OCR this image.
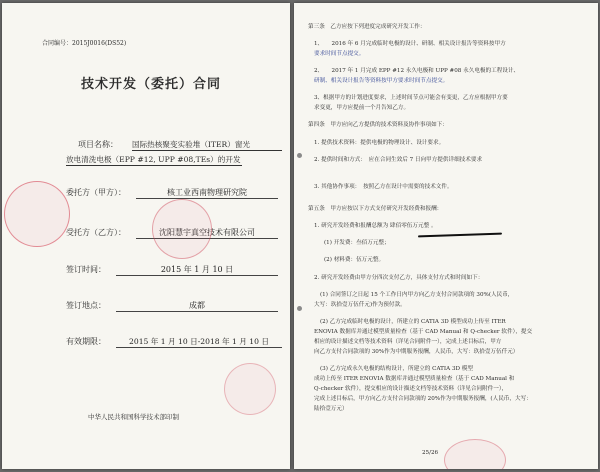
合同编号：2015J0016(DS52)
技术开发（委托）合同
项目名称： 国际热核聚变实验堆（ITER）窗光
放电清洗电极（EPP #12, UPP #08,TEs）的开发
委托方（甲方）：	核工业西南物理研究院
受托方（乙方）：	沈阳慧宇真空技术有限公司
签订时间：	2015 年 1 月 10 日
签订地点：	成都
有效期限：	2015 年 1 月 10 日-2018 年 1 月 10 日
中华人民共和国科学技术部印制
第三条　乙方应按下列进度完成研究开发工作：
1、　　2016 年 6 月完成临时电极的设计、研制、相关设计报告等资料按甲方
要求时间节点提交。
2、　　2017 年 1 月完成 EPP #12 永久电极和 UPP #08 永久电极的工程设计、
研制、相关设计报告等资料按甲方要求时间节点提交。
3、根据甲方的计划进度要求，上述时间节点可能会有变更，乙方应根据甲方要
求变更，甲方应提前一个月告知乙方。
第四条　甲方应向乙方提供的技术资料及协作事项如下：
1. 提供技术资料：提供电极的物理设计、设计要求。
2. 提供时间和方式：　应在合同生效后 7 日向甲方提供详细技术要求
3. 其他协作事项：　按照乙方在设计中需要的技术文件。
第五条　甲方应按以下方式支付研究开发经费和报酬：
1. 研究开发经费和报酬总额为 肆佰零伍万元整 。
(1) 开发费：叁佰万元整；
(2) 材料费：伍万元整。
2. 研究开发经费由甲方分四次支付乙方，具体支付方式和时间如下：
(1) 合同签订之日起 15 个工作日内甲方向乙方支付合同款项的 30%(人民币，
大写：玖拾壹万伍仟元)作为预付款。
(2) 乙方完成临时电极的设计，所建立的 CATIA 3D 模型成功上传至 ITER
ENOVIA 数据库并通过模型质量检查（基于 CAD Manual 和 Q-checker 软件），提交
相应的设计描述文档等技术资料（详见合同附件一），完成上述目标后，甲方
向乙方支付合同款项的 30%作为中期服务报酬，人民币，大写：玖拾壹万伍仟元）
(3) 乙方完成永久电极的结构设计，所建立的 CATIA 3D 模型
成功上传至 ITER ENOVIA 数据库并通过模型质量检查（基于 CAD Manual 和
Q-checker 软件），提交相应的设计描述文档等技术资料（详见合同附件一），
完成上述目标后，甲方向乙方支付合同款项的 20%作为中期服务报酬，(人民币，大写：
陆拾壹万元）
25/26
